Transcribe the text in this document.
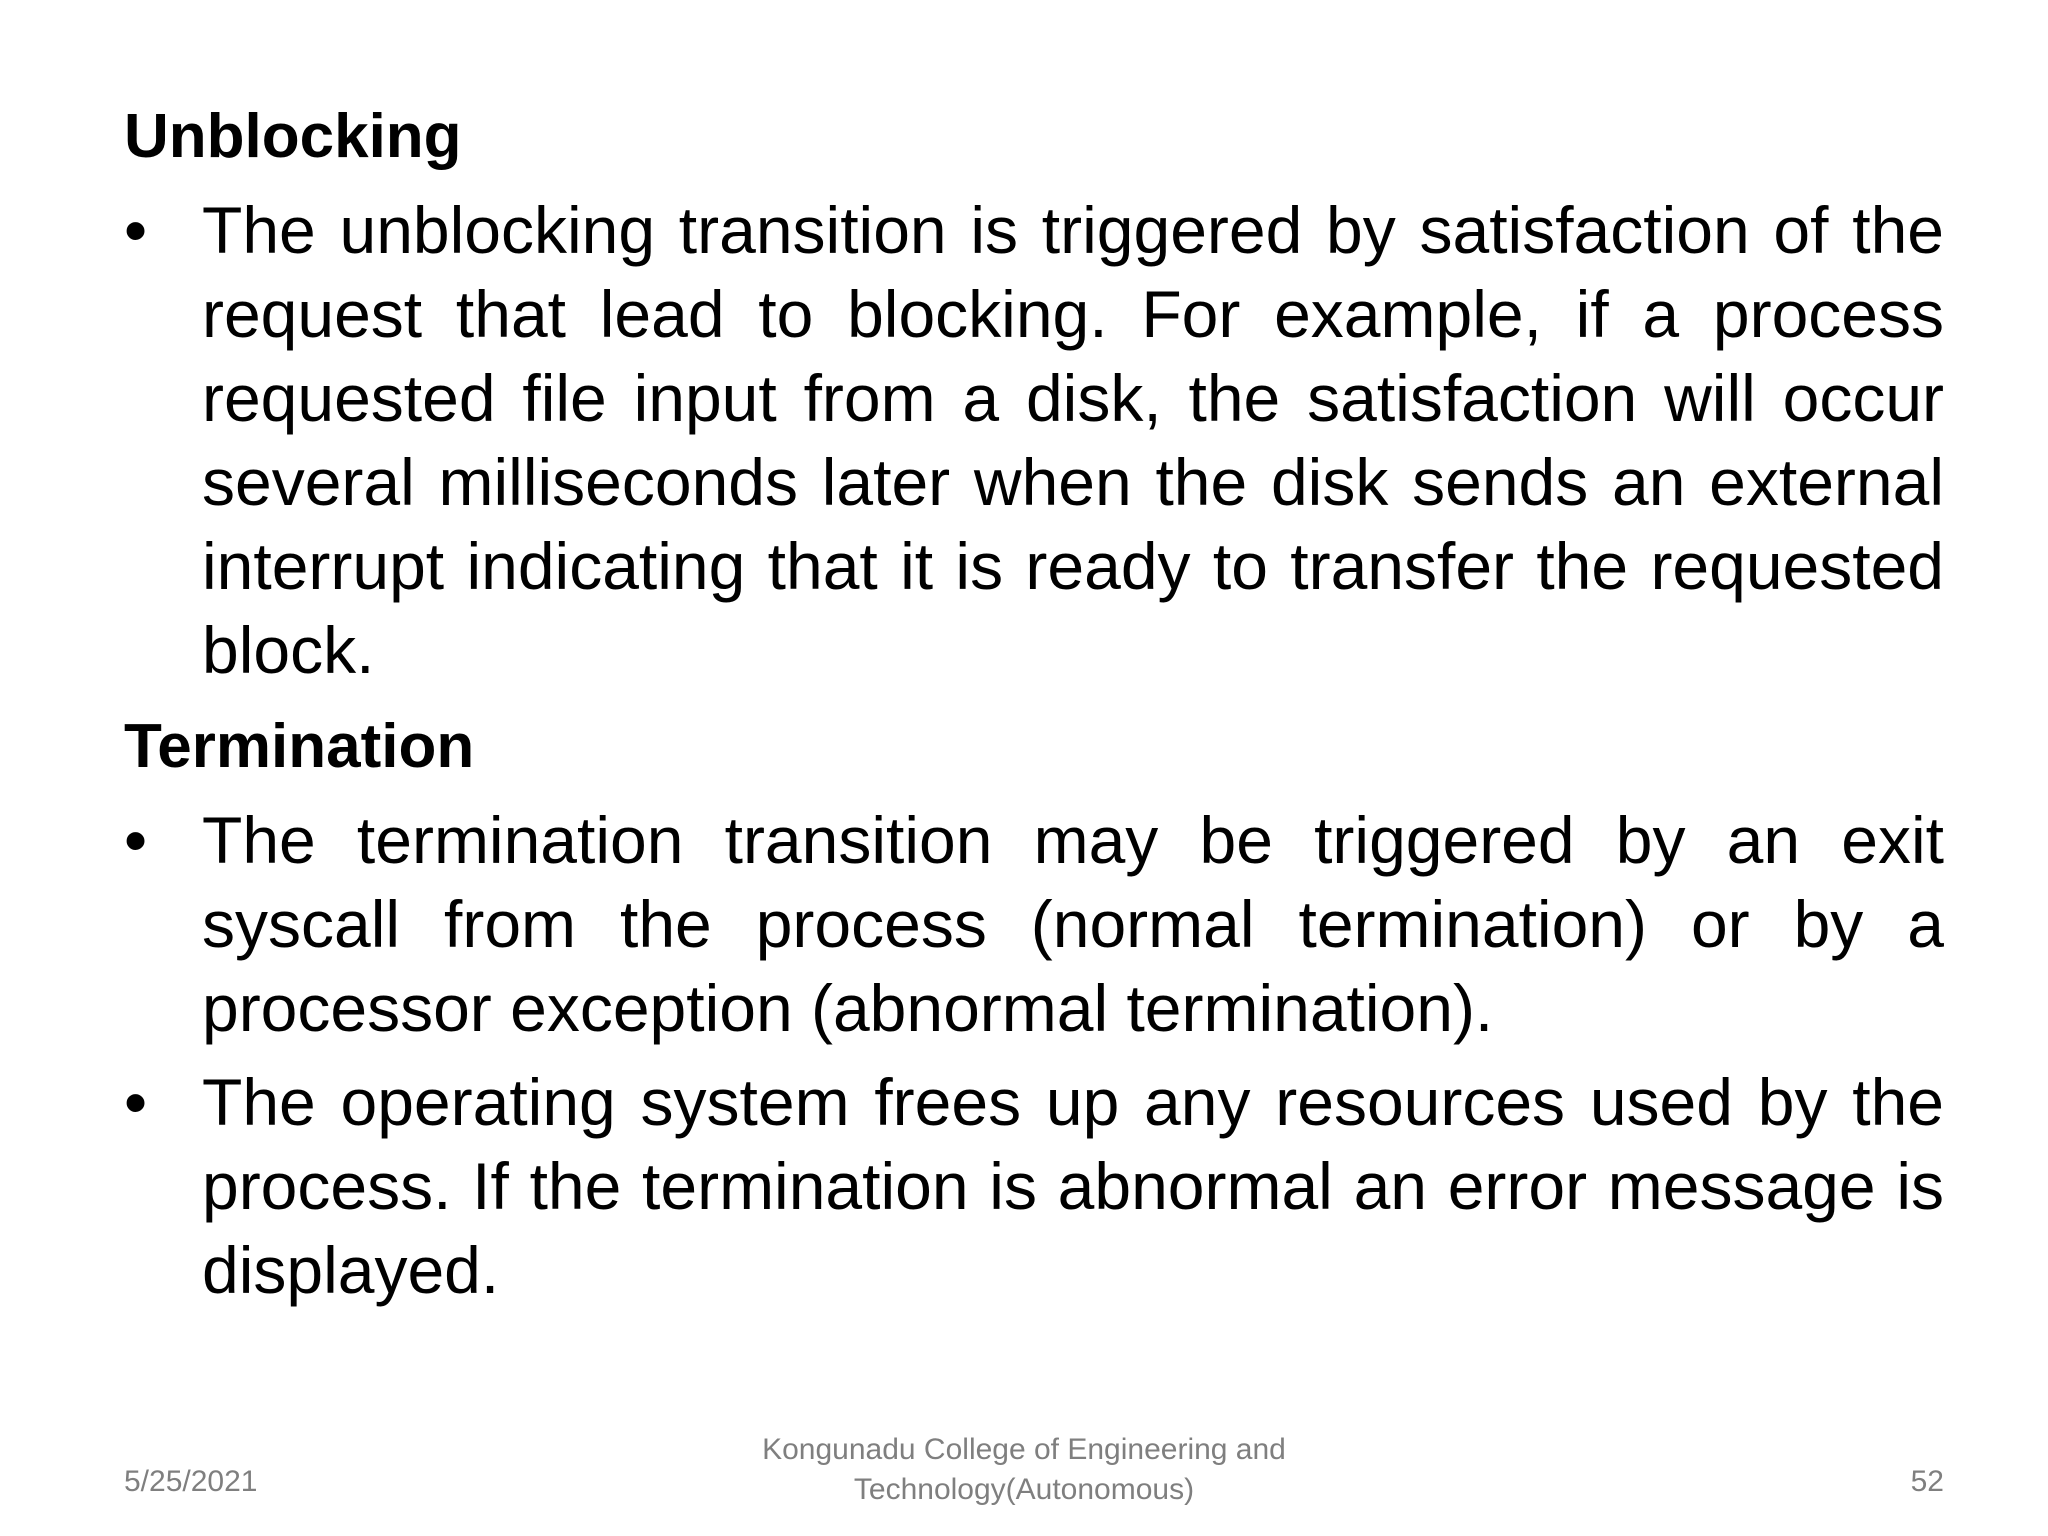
Unblocking
• The unblocking transition is triggered by satisfaction of the request that lead to blocking. For example, if a process requested file input from a disk, the satisfaction will occur several milliseconds later when the disk sends an external interrupt indicating that it is ready to transfer the requested block.
Termination
• The termination transition may be triggered by an exit syscall from the process (normal termination) or by a processor exception (abnormal termination).
• The operating system frees up any resources used by the process. If the termination is abnormal an error message is displayed.
5/25/2021
Kongunadu College of Engineering and
Technology(Autonomous)	52
